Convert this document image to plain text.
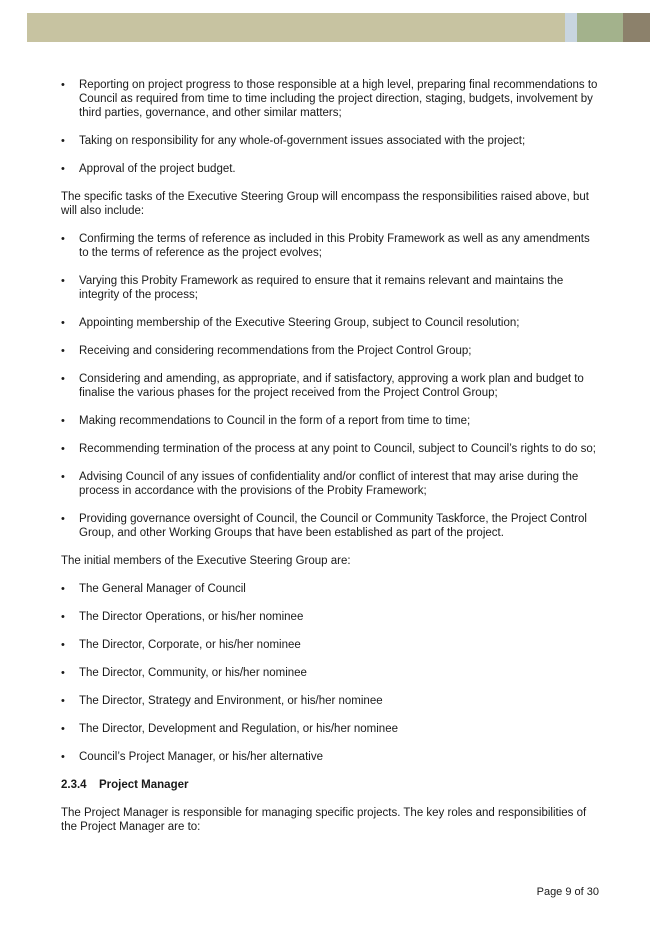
• Reporting on project progress to those responsible at a high level, preparing final recommendations to Council as required from time to time including the project direction, staging, budgets, involvement by third parties, governance, and other similar matters;
• Taking on responsibility for any whole-of-government issues associated with the project;
• Approval of the project budget.

The specific tasks of the Executive Steering Group will encompass the responsibilities raised above, but will also include:

• Confirming the terms of reference as included in this Probity Framework as well as any amendments to the terms of reference as the project evolves;
• Varying this Probity Framework as required to ensure that it remains relevant and maintains the integrity of the process;
• Appointing membership of the Executive Steering Group, subject to Council resolution;
• Receiving and considering recommendations from the Project Control Group;
• Considering and amending, as appropriate, and if satisfactory, approving a work plan and budget to finalise the various phases for the project received from the Project Control Group;
• Making recommendations to Council in the form of a report from time to time;
• Recommending termination of the process at any point to Council, subject to Council’s rights to do so;
• Advising Council of any issues of confidentiality and/or conflict of interest that may arise during the process in accordance with the provisions of the Probity Framework;
• Providing governance oversight of Council, the Council or Community Taskforce, the Project Control Group, and other Working Groups that have been established as part of the project.

The initial members of the Executive Steering Group are:

• The General Manager of Council
• The Director Operations, or his/her nominee
• The Director, Corporate, or his/her nominee
• The Director, Community, or his/her nominee
• The Director, Strategy and Environment, or his/her nominee
• The Director, Development and Regulation, or his/her nominee
• Council’s Project Manager, or his/her alternative
2.3.4 Project Manager

The Project Manager is responsible for managing specific projects. The key roles and responsibilities of the Project Manager are to:

Page 9 of 30
